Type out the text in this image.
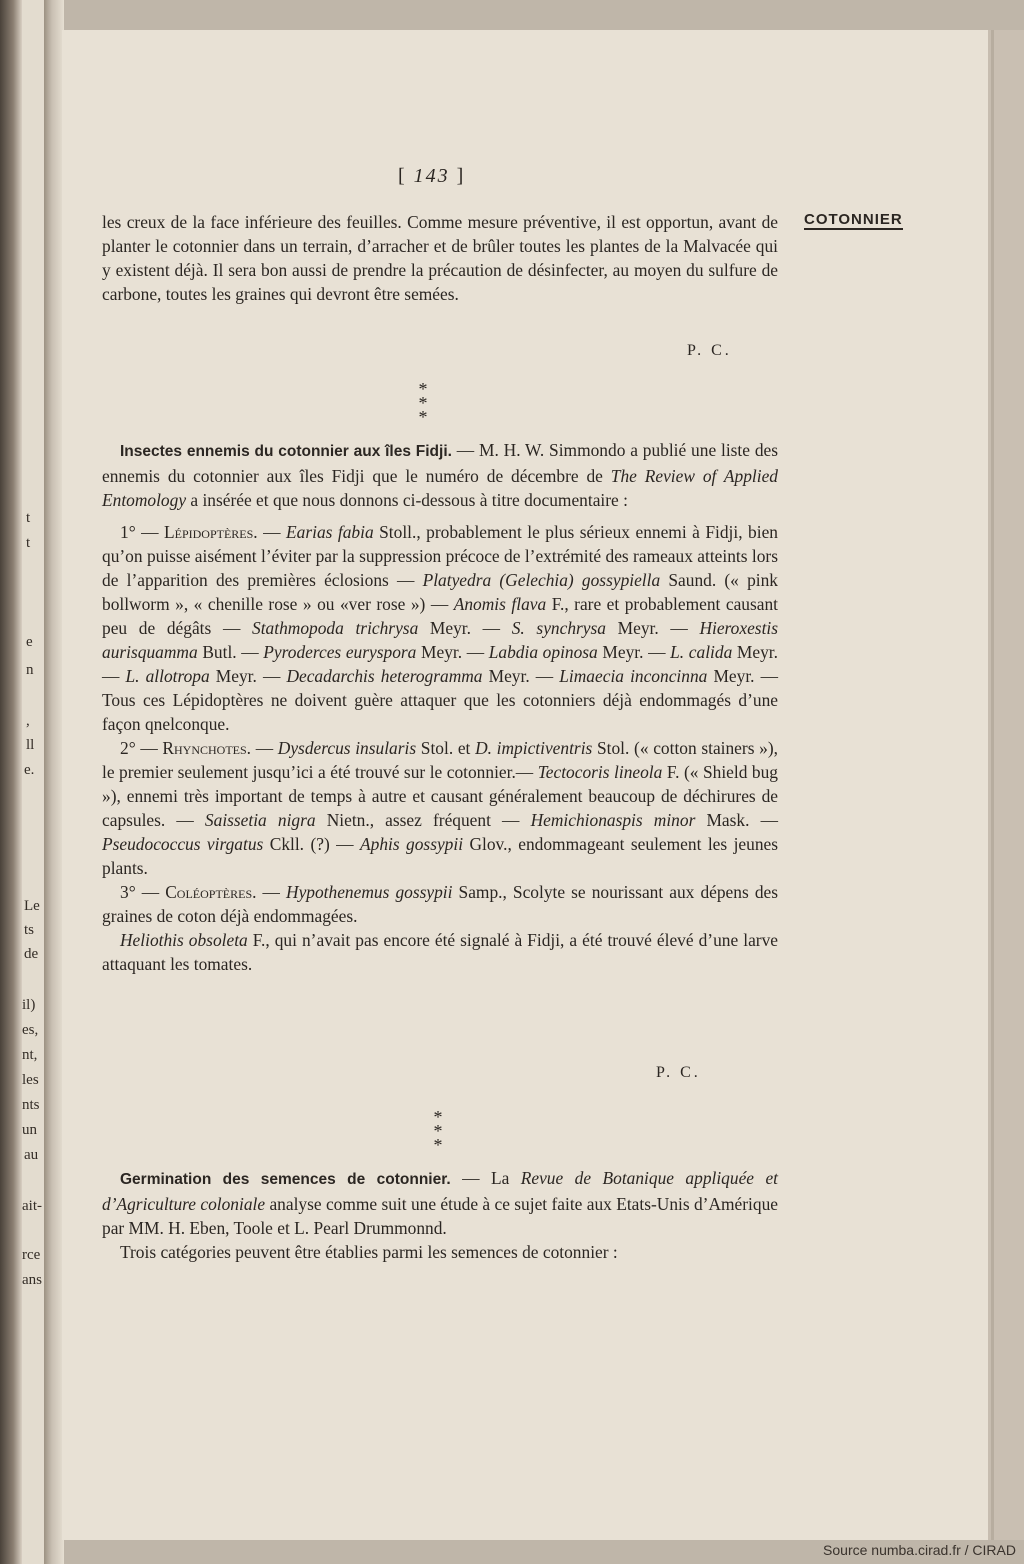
t
t
e
n
,
ll
e.
Le
ts
de
il)
es,
nt,
les
nts
un
au
ait-
rce
ans
[ 143 ]
COTONNIER

les creux de la face inférieure des feuilles. Comme mesure préventive, il est opportun, avant de planter le cotonnier dans un terrain, d’arracher et de brûler toutes les plantes de la Malvacée qui y existent déjà. Il sera bon aussi de prendre la précaution de désinfecter, au moyen du sulfure de carbone, toutes les graines qui devront être semées.

P. C.
* * *

Insectes ennemis du cotonnier aux îles Fidji. — M. H. W. Simmondo a publié une liste des ennemis du cotonnier aux îles Fidji que le numéro de décembre de The Review of Applied Entomology a insérée et que nous donnons ci-dessous à titre documentaire :

1° — Lépidoptères. — Earias fabia Stoll., probablement le plus sérieux ennemi à Fidji, bien qu’on puisse aisément l’éviter par la suppression précoce de l’extrémité des rameaux atteints lors de l’apparition des premières éclosions — Platyedra (Gelechia) gossypiella Saund. (« pink bollworm », « chenille rose » ou «ver rose ») — Anomis flava F., rare et probablement causant peu de dégâts — Stathmopoda trichrysa Meyr. — S. synchrysa Meyr. — Hieroxestis aurisquamma Butl. — Pyroderces euryspora Meyr. — Labdia opinosa Meyr. — L. calida Meyr. — L. allotropa Meyr. — Decadarchis heterogramma Meyr. — Limaecia inconcinna Meyr. — Tous ces Lépidoptères ne doivent guère attaquer que les cotonniers déjà endommagés d’une façon qnelconque.

2° — Rhynchotes. — Dysdercus insularis Stol. et D. impictiventris Stol. (« cotton stainers »), le premier seulement jusqu’ici a été trouvé sur le cotonnier.— Tectocoris lineola F. (« Shield bug »), ennemi très important de temps à autre et causant généralement beaucoup de déchirures de capsules. — Saissetia nigra Nietn., assez fréquent — Hemichionaspis minor Mask. — Pseudococcus virgatus Ckll. (?) — Aphis gossypii Glov., endommageant seulement les jeunes plants.

3° — Coléoptères. — Hypothenemus gossypii Samp., Scolyte se nourissant aux dépens des graines de coton déjà endommagées.

Heliothis obsoleta F., qui n’avait pas encore été signalé à Fidji, a été trouvé élevé d’une larve attaquant les tomates.

P. C.
* * *

Germination des semences de cotonnier. — La Revue de Botanique appliquée et d’Agriculture coloniale analyse comme suit une étude à ce sujet faite aux Etats-Unis d’Amérique par MM. H. Eben, Toole et L. Pearl Drummonnd.

Trois catégories peuvent être établies parmi les semences de cotonnier :

Source numba.cirad.fr / CIRAD
